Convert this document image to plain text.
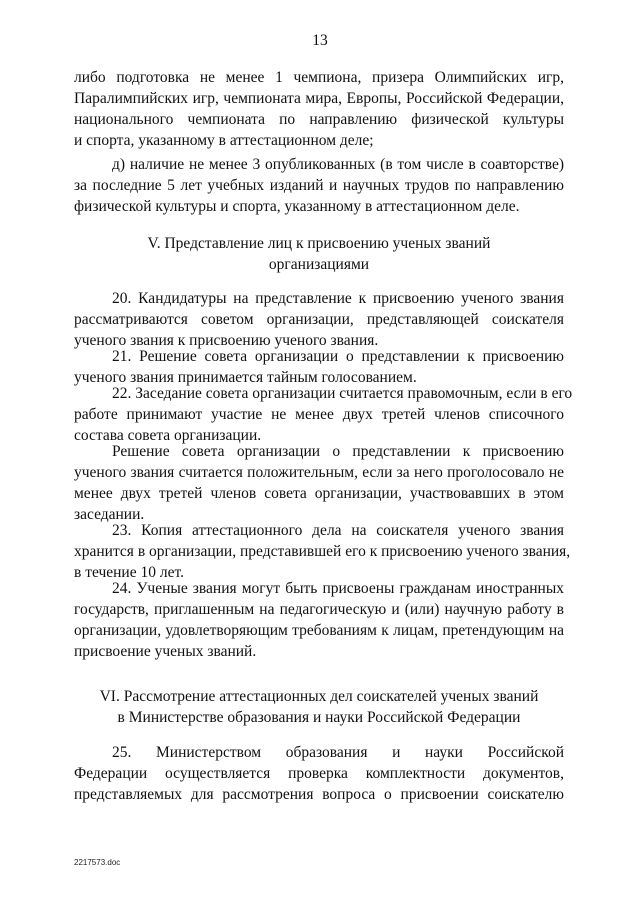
13
либо подготовка не менее 1 чемпиона, призера Олимпийских игр,
Паралимпийских игр, чемпионата мира, Европы, Российской Федерации,
национального чемпионата по направлению физической культуры
и спорта, указанному в аттестационном деле;
д) наличие не менее 3 опубликованных (в том числе в соавторстве)
за последние 5 лет учебных изданий и научных трудов по направлению
физической культуры и спорта, указанному в аттестационном деле.
V. Представление лиц к присвоению ученых званий
организациями
20. Кандидатуры на представление к присвоению ученого звания
рассматриваются советом организации, представляющей соискателя
ученого звания к присвоению ученого звания.
21. Решение совета организации о представлении к присвоению
ученого звания принимается тайным голосованием.
22. Заседание совета организации считается правомочным, если в его
работе принимают участие не менее двух третей членов списочного
состава совета организации.
Решение совета организации о представлении к присвоению
ученого звания считается положительным, если за него проголосовало не
менее двух третей членов совета организации, участвовавших в этом
заседании.
23. Копия аттестационного дела на соискателя ученого звания
хранится в организации, представившей его к присвоению ученого звания,
в течение 10 лет.
24. Ученые звания могут быть присвоены гражданам иностранных
государств, приглашенным на педагогическую и (или) научную работу в
организации, удовлетворяющим требованиям к лицам, претендующим на
присвоение ученых званий.
VI. Рассмотрение аттестационных дел соискателей ученых званий
в Министерстве образования и науки Российской Федерации
25. Министерством образования и науки Российской
Федерации осуществляется проверка комплектности документов,
представляемых для рассмотрения вопроса о присвоении соискателю
2217573.doc
